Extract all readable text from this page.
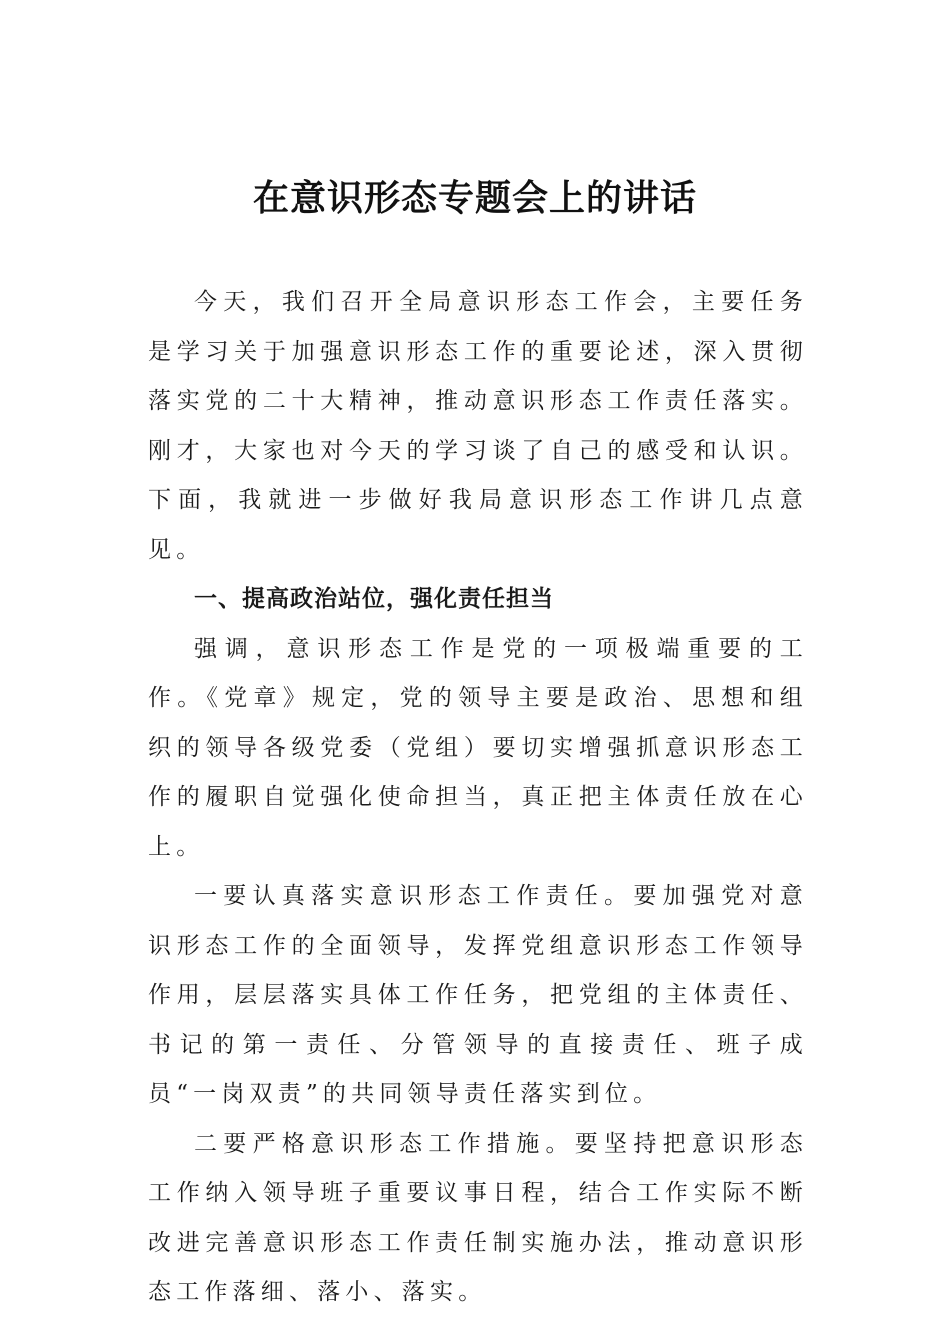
在意识形态专题会上的讲话

今天，我们召开全局意识形态工作会，主要任务是学习关于加强意识形态工作的重要论述，深入贯彻落实党的二十大精神，推动意识形态工作责任落实。刚才，大家也对今天的学习谈了自己的感受和认识。下面，我就进一步做好我局意识形态工作讲几点意见。

一、提高政治站位，强化责任担当

强调，意识形态工作是党的一项极端重要的工作。《党章》规定，党的领导主要是政治、思想和组织的领导各级党委（党组）要切实增强抓意识形态工作的履职自觉强化使命担当，真正把主体责任放在心上。

一要认真落实意识形态工作责任。要加强党对意识形态工作的全面领导，发挥党组意识形态工作领导作用，层层落实具体工作任务，把党组的主体责任、书记的第一责任、分管领导的直接责任、班子成员“一岗双责”的共同领导责任落实到位。

二要严格意识形态工作措施。要坚持把意识形态工作纳入领导班子重要议事日程，结合工作实际不断改进完善意识形态工作责任制实施办法，推动意识形态工作落细、落小、落实。
